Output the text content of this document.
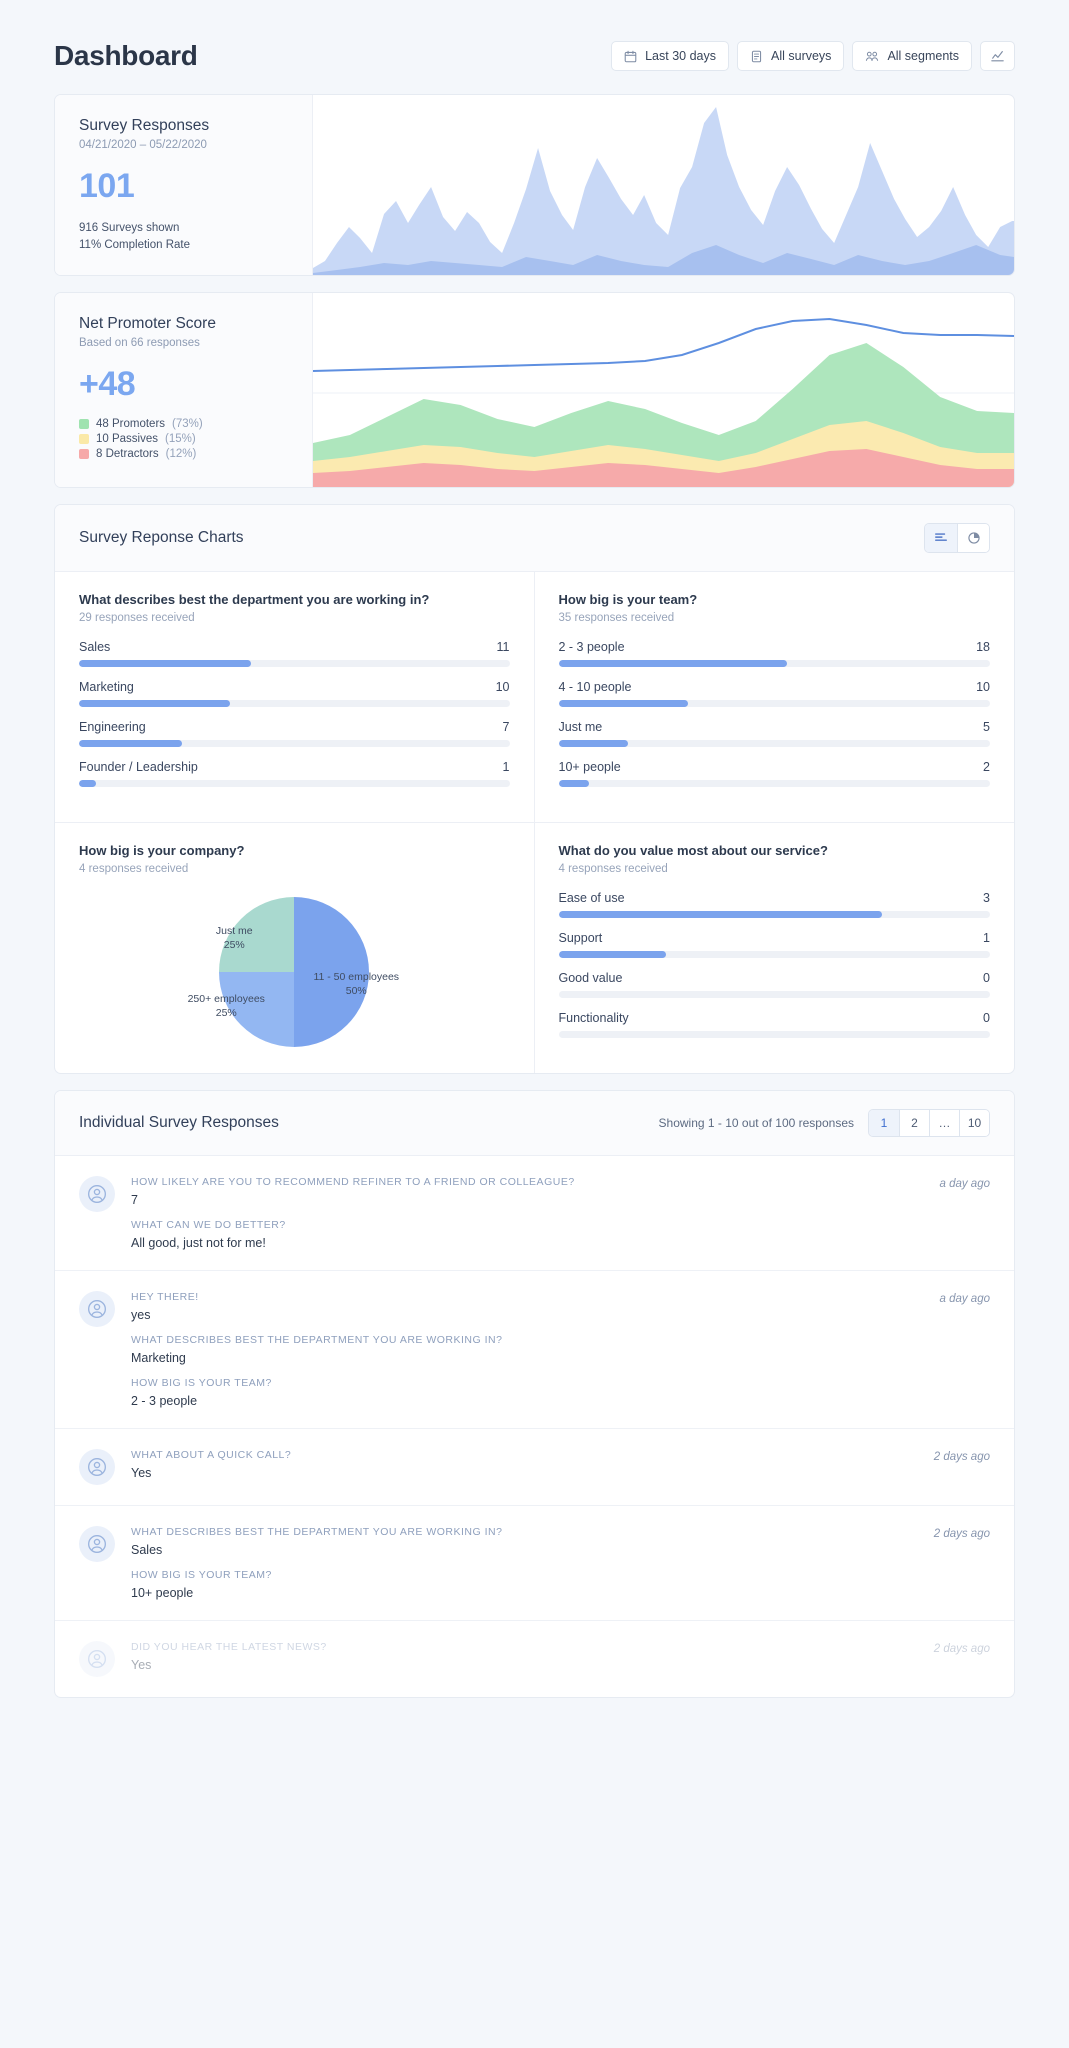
Dashboard	Last 30 days	All surveys	All segments
Survey Responses
04/21/2020 – 05/22/2020
101
916 Surveys shown
11% Completion Rate
Net Promoter Score
Based on 66 responses
+48
48 Promoters (73%)
10 Passives (15%)
8 Detractors (12%)
Survey Reponse Charts
What describes best the department you are working in?
29 responses received
Sales	11
Marketing	10
Engineering	7
Founder / Leadership	1
How big is your team?
35 responses received
2 - 3 people	18
4 - 10 people	10
Just me	5
10+ people	2
How big is your company?
4 responses received
11 - 50 employees
50%
250+ employees
25%
Just me
25%
What do you value most about our service?
4 responses received
Ease of use	3
Support	1
Good value	0
Functionality	0
Individual Survey Responses	Showing 1 - 10 out of 100 responses	1	2	…	10
HOW LIKELY ARE YOU TO RECOMMEND REFINER TO A FRIEND OR COLLEAGUE?
7
WHAT CAN WE DO BETTER?
All good, just not for me!
a day ago
HEY THERE!
yes
WHAT DESCRIBES BEST THE DEPARTMENT YOU ARE WORKING IN?
Marketing
HOW BIG IS YOUR TEAM?
2 - 3 people
a day ago
WHAT ABOUT A QUICK CALL?
Yes
2 days ago
WHAT DESCRIBES BEST THE DEPARTMENT YOU ARE WORKING IN?
Sales
HOW BIG IS YOUR TEAM?
10+ people
2 days ago
DID YOU HEAR THE LATEST NEWS?
Yes
2 days ago
